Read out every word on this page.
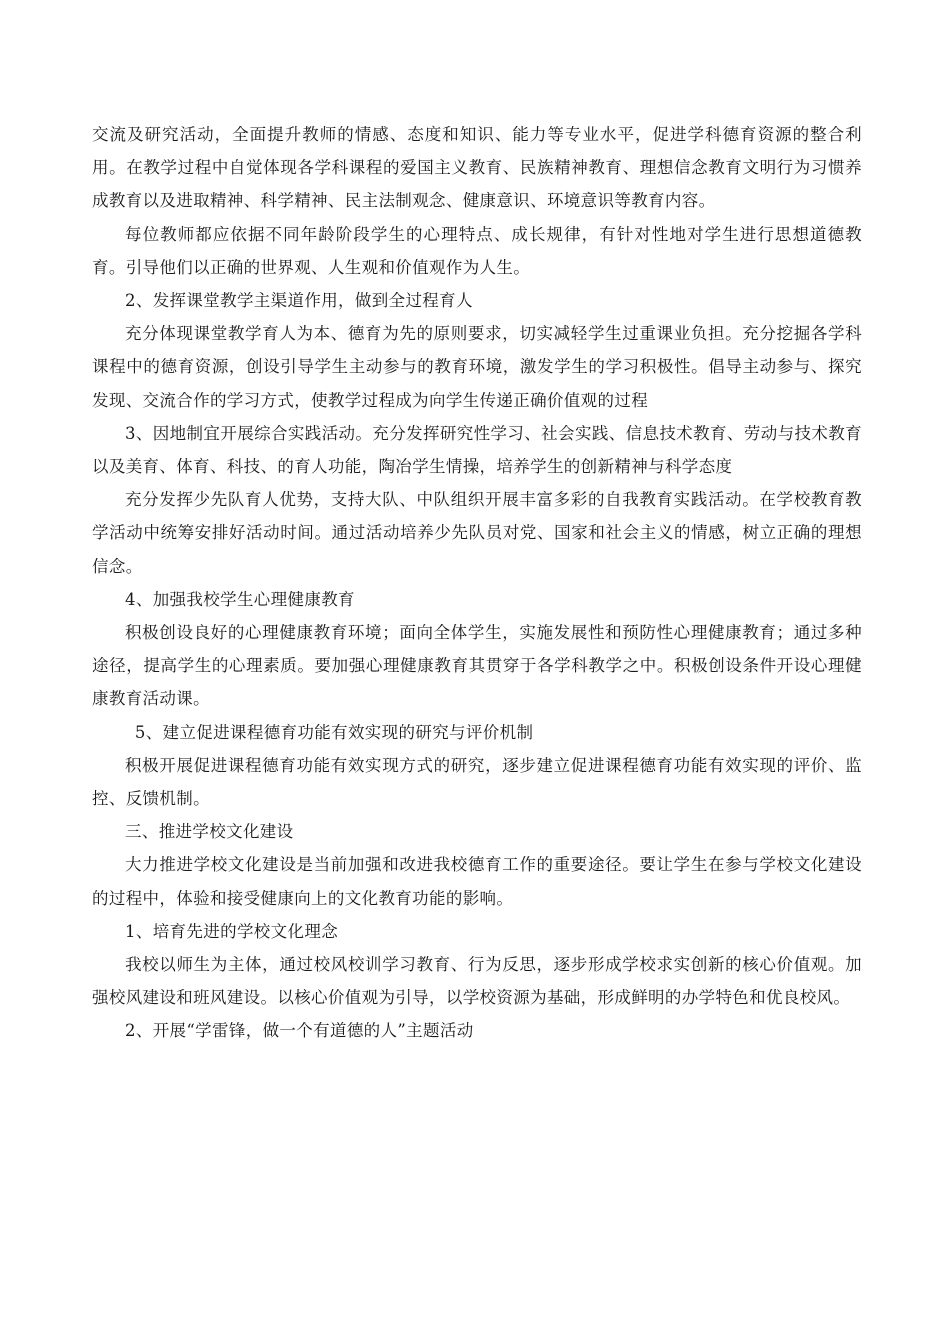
交流及研究活动，全面提升教师的情感、态度和知识、能力等专业水平，促进学科德育资源的整合利用。在教学过程中自觉体现各学科课程的爱国主义教育、民族精神教育、理想信念教育文明行为习惯养成教育以及进取精神、科学精神、民主法制观念、健康意识、环境意识等教育内容。

每位教师都应依据不同年龄阶段学生的心理特点、成长规律，有针对性地对学生进行思想道德教育。引导他们以正确的世界观、人生观和价值观作为人生。

2、发挥课堂教学主渠道作用，做到全过程育人

充分体现课堂教学育人为本、德育为先的原则要求，切实减轻学生过重课业负担。充分挖掘各学科课程中的德育资源，创设引导学生主动参与的教育环境，激发学生的学习积极性。倡导主动参与、探究发现、交流合作的学习方式，使教学过程成为向学生传递正确价值观的过程

3、因地制宜开展综合实践活动。充分发挥研究性学习、社会实践、信息技术教育、劳动与技术教育以及美育、体育、科技、的育人功能，陶冶学生情操，培养学生的创新精神与科学态度

充分发挥少先队育人优势，支持大队、中队组织开展丰富多彩的自我教育实践活动。在学校教育教学活动中统筹安排好活动时间。通过活动培养少先队员对党、国家和社会主义的情感，树立正确的理想信念。

4、加强我校学生心理健康教育

积极创设良好的心理健康教育环境；面向全体学生，实施发展性和预防性心理健康教育；通过多种途径，提高学生的心理素质。要加强心理健康教育其贯穿于各学科教学之中。积极创设条件开设心理健康教育活动课。

5、建立促进课程德育功能有效实现的研究与评价机制

积极开展促进课程德育功能有效实现方式的研究，逐步建立促进课程德育功能有效实现的评价、监控、反馈机制。

三、推进学校文化建设

大力推进学校文化建设是当前加强和改进我校德育工作的重要途径。要让学生在参与学校文化建设的过程中，体验和接受健康向上的文化教育功能的影响。

1、培育先进的学校文化理念

我校以师生为主体，通过校风校训学习教育、行为反思，逐步形成学校求实创新的核心价值观。加强校风建设和班风建设。以核心价值观为引导，以学校资源为基础，形成鲜明的办学特色和优良校风。

2、开展“学雷锋，做一个有道德的人”主题活动
